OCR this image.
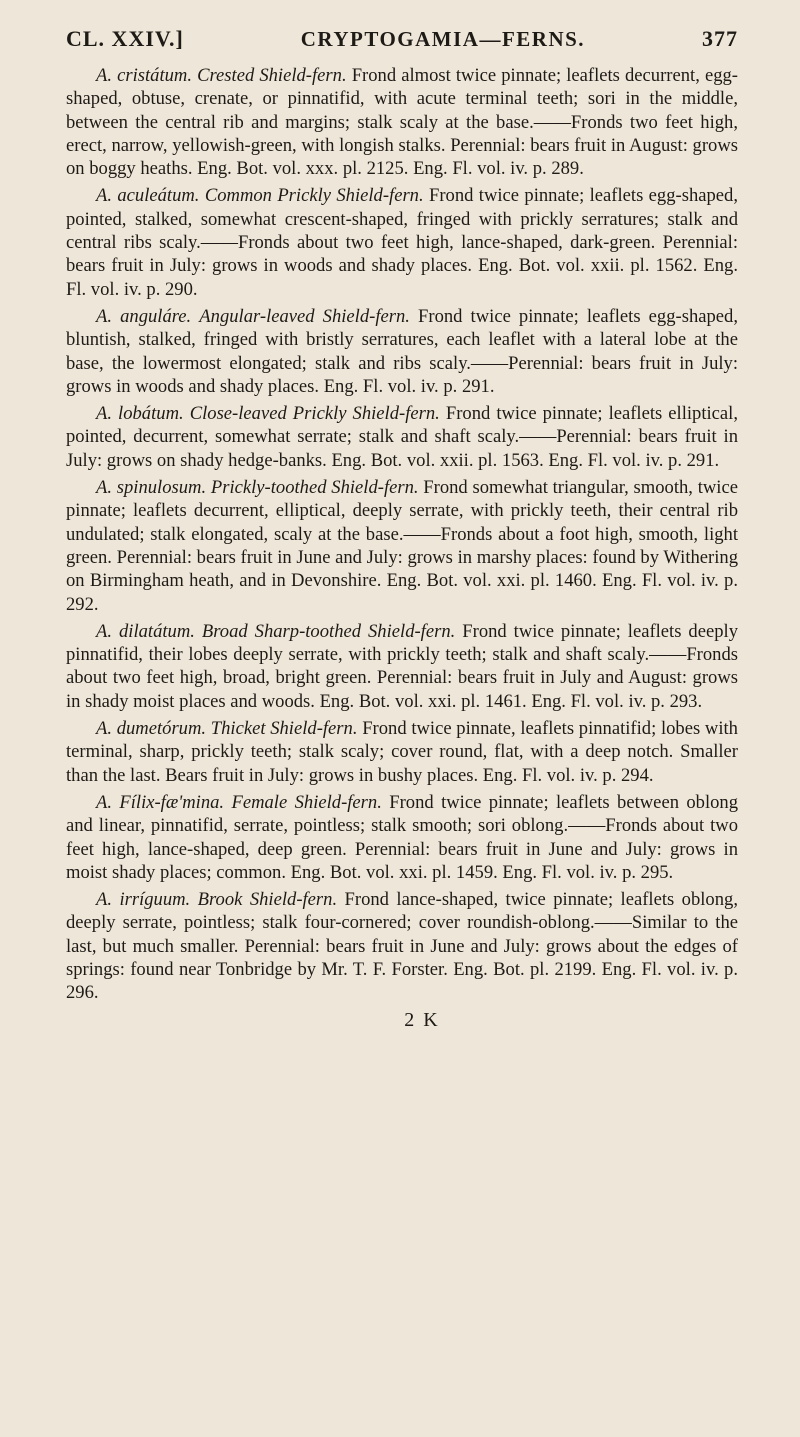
CL. XXIV.]	CRYPTOGAMIA—FERNS.	377

A. cristátum. Crested Shield-fern. Frond almost twice pinnate; leaflets decurrent, egg-shaped, obtuse, crenate, or pinnatifid, with acute terminal teeth; sori in the middle, between the central rib and margins; stalk scaly at the base.——Fronds two feet high, erect, narrow, yellowish-green, with longish stalks. Perennial: bears fruit in August: grows on boggy heaths. Eng. Bot. vol. xxx. pl. 2125. Eng. Fl. vol. iv. p. 289.

A. aculeátum. Common Prickly Shield-fern. Frond twice pinnate; leaflets egg-shaped, pointed, stalked, somewhat crescent-shaped, fringed with prickly serratures; stalk and central ribs scaly.——Fronds about two feet high, lance-shaped, dark-green. Perennial: bears fruit in July: grows in woods and shady places. Eng. Bot. vol. xxii. pl. 1562. Eng. Fl. vol. iv. p. 290.

A. anguláre. Angular-leaved Shield-fern. Frond twice pinnate; leaflets egg-shaped, bluntish, stalked, fringed with bristly serratures, each leaflet with a lateral lobe at the base, the lowermost elongated; stalk and ribs scaly.——Perennial: bears fruit in July: grows in woods and shady places. Eng. Fl. vol. iv. p. 291.

A. lobátum. Close-leaved Prickly Shield-fern. Frond twice pinnate; leaflets elliptical, pointed, decurrent, somewhat serrate; stalk and shaft scaly.——Perennial: bears fruit in July: grows on shady hedge-banks. Eng. Bot. vol. xxii. pl. 1563. Eng. Fl. vol. iv. p. 291.

A. spinulosum. Prickly-toothed Shield-fern. Frond somewhat triangular, smooth, twice pinnate; leaflets decurrent, elliptical, deeply serrate, with prickly teeth, their central rib undulated; stalk elongated, scaly at the base.——Fronds about a foot high, smooth, light green. Perennial: bears fruit in June and July: grows in marshy places: found by Withering on Birmingham heath, and in Devonshire. Eng. Bot. vol. xxi. pl. 1460. Eng. Fl. vol. iv. p. 292.

A. dilatátum. Broad Sharp-toothed Shield-fern. Frond twice pinnate; leaflets deeply pinnatifid, their lobes deeply serrate, with prickly teeth; stalk and shaft scaly.——Fronds about two feet high, broad, bright green. Perennial: bears fruit in July and August: grows in shady moist places and woods. Eng. Bot. vol. xxi. pl. 1461. Eng. Fl. vol. iv. p. 293.

A. dumetórum. Thicket Shield-fern. Frond twice pinnate, leaflets pinnatifid; lobes with terminal, sharp, prickly teeth; stalk scaly; cover round, flat, with a deep notch. Smaller than the last. Bears fruit in July: grows in bushy places. Eng. Fl. vol. iv. p. 294.

A. Fílix-fæ'mina. Female Shield-fern. Frond twice pinnate; leaflets between oblong and linear, pinnatifid, serrate, pointless; stalk smooth; sori oblong.——Fronds about two feet high, lance-shaped, deep green. Perennial: bears fruit in June and July: grows in moist shady places; common. Eng. Bot. vol. xxi. pl. 1459. Eng. Fl. vol. iv. p. 295.

A. irríguum. Brook Shield-fern. Frond lance-shaped, twice pinnate; leaflets oblong, deeply serrate, pointless; stalk four-cornered; cover roundish-oblong.——Similar to the last, but much smaller. Perennial: bears fruit in June and July: grows about the edges of springs: found near Tonbridge by Mr. T. F. Forster. Eng. Bot. pl. 2199. Eng. Fl. vol. iv. p. 296.

2 K
